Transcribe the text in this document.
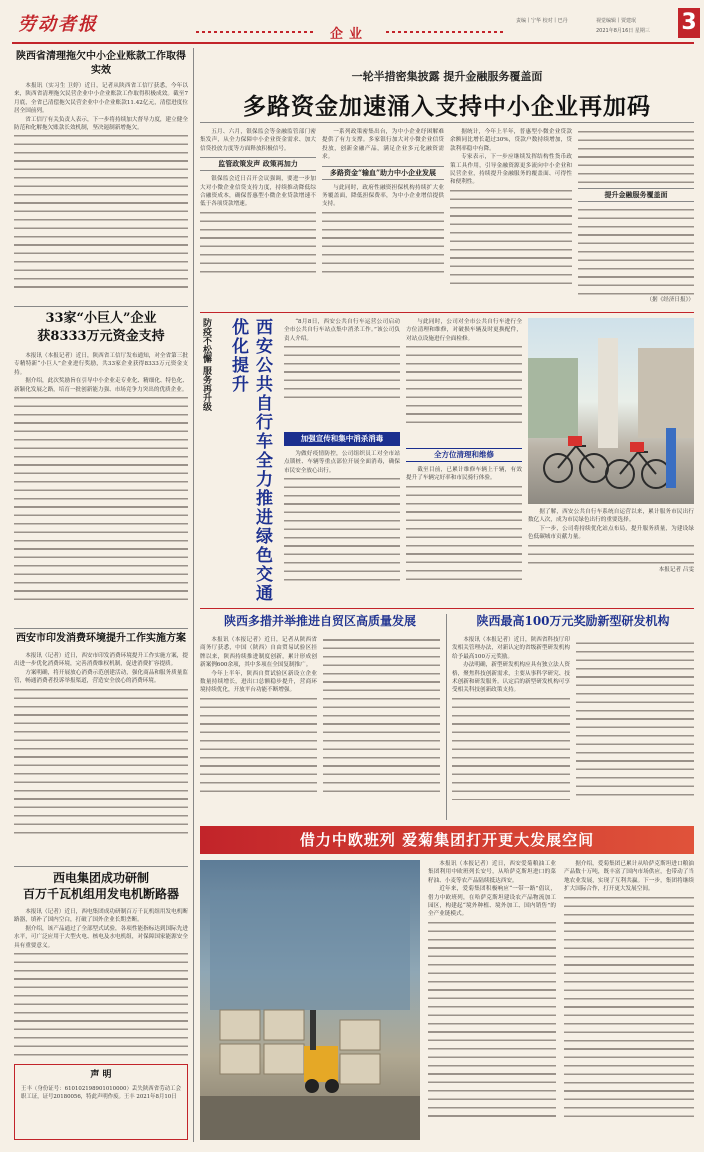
劳动者报	企业
责编丨宁华 校对丨巴丹	视觉编辑丨贾建珉
2021年8月16日 星期三 3
陕西省清理拖欠中小企业账款工作取得实效

本报讯（实习生 卫婷）近日，记者从陕西省工信厅获悉，今年以来，陕西省清理拖欠民营企业中小企业账款工作取得积极成效。截至7月底，全省已清偿拖欠民营企业中小企业账款11.42亿元，清偿进度位居全国前列。

省工信厅有关负责人表示，下一步将持续加大督导力度，建立健全防范和化解拖欠账款长效机制，坚决遏制新增拖欠。

33家“小巨人”企业
获8333万元资金支持

本报讯（本报记者）近日，陕西省工信厅发布通知，对全省第三批专精特新“小巨人”企业进行奖励，共33家企业获得8333万元资金支持。

据介绍，此次奖励旨在引导中小企业走专业化、精细化、特色化、新颖化发展之路，培育一批创新能力强、市场竞争力突出的优质企业。

西安市印发消费环境提升工作实施方案

本报讯（记者）近日，西安市印发消费环境提升工作实施方案，提出进一步优化消费环境，完善消费维权机制，促进消费扩容提质。

方案明确，将开展放心消费示范创建活动，强化商品和服务质量监管，畅通消费者投诉举报渠道，营造安全放心的消费环境。

西电集团成功研制
百万千瓦机组用发电机断路器

本报讯（记者）近日，西电集团成功研制百万千瓦机组用发电机断路器，填补了国内空白，打破了国外企业长期垄断。

据介绍，该产品通过了全部型式试验，各项性能指标达到国际先进水平，可广泛应用于大型火电、核电及水电机组，对保障国家能源安全具有重要意义。

声 明
王丰（身份证号：610102198901010000）丢失陕西省劳动工会职工证，证号20180056，特此声明作废。王丰 2021年8月10日
一轮半措密集披露 提升金融服务覆盖面
多路资金加速涌入支持中小企业再加码

五月、六月，银保监会等金融监管部门密集发声，从全力保障中小企业资金需求、加大信贷投放力度等方面释放积极信号。

监管政策发声 政策再加力

银保监会近日召开会议强调，要进一步加大对小微企业信贷支持力度，持续推动降低综合融资成本，确保普惠型小微企业贷款增速不低于各项贷款增速。

一系列政策密集出台，为中小企业纾困解难提供了有力支撑。多家银行加大对小微企业信贷投放，创新金融产品，满足企业多元化融资需求。

多路资金“输血”助力中小企业发展

与此同时，政府性融资担保机构持续扩大业务覆盖面，降低担保费率，为中小企业增信提供支持。

据统计，今年上半年，普惠型小微企业贷款余额同比增长超过30%，贷款户数持续增加，贷款利率稳中有降。

专家表示，下一步应继续发挥结构性货币政策工具作用，引导金融资源更多流向中小企业和民营企业，持续提升金融服务的覆盖面、可得性和便利性。

提升金融服务覆盖面
（据《经济日报》）
防疫不松懈 服务再升级	西安公共自行车全力推进绿色交通优化提升	“8月8日，西安公共自行车运营公司启动全市公共自行车站点集中消杀工作。”该公司负责人介绍。

加强宣传和集中消杀消毒

为做好疫情防控，公司组织员工对全市站点锁桩、车辆等重点部位开展全面消毒，确保市民安全放心出行。

与此同时，公司对全市公共自行车进行全方位清理和维修，对破损车辆及时更换配件，对站点设施进行全面检修。

全方位清理和维修

截至目前，已累计维修车辆上千辆，有效提升了车辆完好率和市民骑行体验。

据了解，西安公共自行车系统自运营以来，累计服务市民出行数亿人次，成为市民绿色出行的重要选择。

下一步，公司将持续优化站点布局，提升服务质量，为建设绿色低碳城市贡献力量。

本报记者 吕雯
陕西多措并举推进自贸区高质量发展

本报讯（本报记者）近日，记者从陕西省商务厅获悉，中国（陕西）自由贸易试验区挂牌以来，陕西持续推进制度创新，累计形成创新案例600余项，其中多项在全国复制推广。

今年上半年，陕西自贸试验区新设立企业数量持续增长，进出口总额稳步提升，营商环境持续优化，开放平台功能不断增强。

陕西最高100万元奖励新型研发机构

本报讯（本报记者）近日，陕西省科技厅印发相关管理办法，对新认定的省级新型研发机构给予最高100万元奖励。

办法明确，新型研发机构应具有独立法人资格，聚焦科技创新需求，主要从事科学研究、技术创新和研发服务。认定后的新型研发机构可享受相关科技创新政策支持。

借力中欧班列 爱菊集团打开更大发展空间

本报讯（本报记者）近日，西安爱菊粮油工业集团利用中欧班列长安号，从哈萨克斯坦进口的菜籽油、小麦等农产品陆续抵达西安。

近年来，爱菊集团积极响应“一带一路”倡议，借力中欧班列，在哈萨克斯坦建设农产品物流加工园区，构建起“境外种植、境外加工、国内销售”的全产业链模式。

据介绍，爱菊集团已累计从哈萨克斯坦进口粮油产品数十万吨，既丰富了国内市场供应，也带动了当地农业发展，实现了互利共赢。下一步，集团将继续扩大国际合作，打开更大发展空间。
